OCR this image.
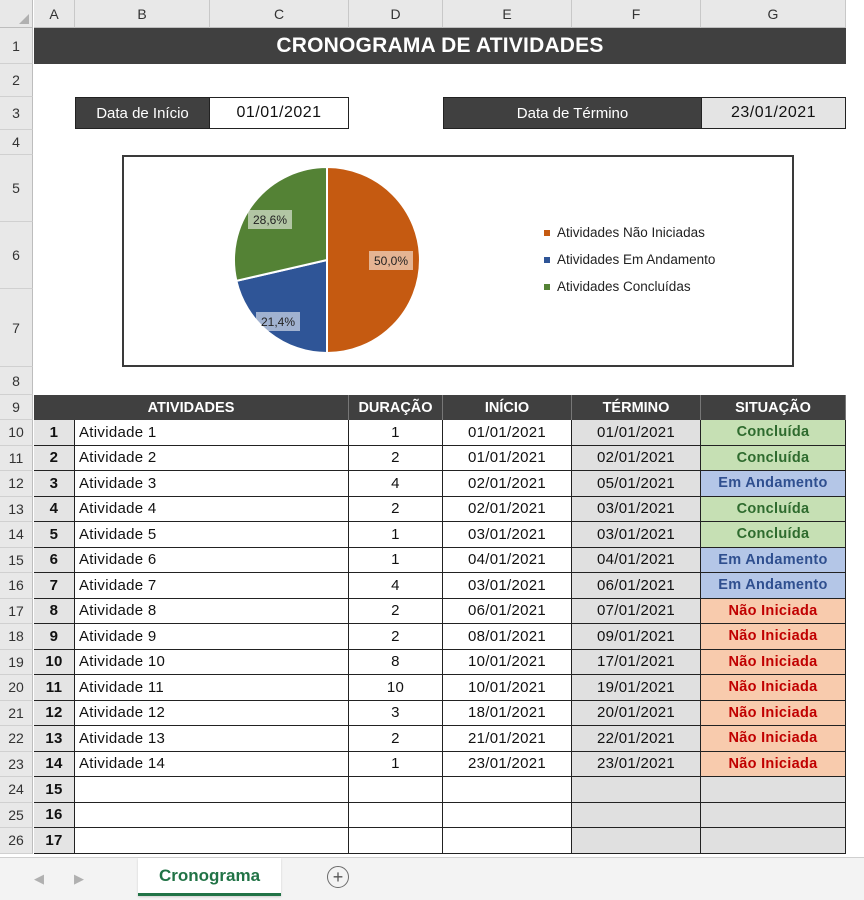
A	B	C	D	E	F	G
1
2
3
4
5
6
7
8
9
10
11
12
13
14
15
16
17
18
19
20
21
22
23
24
25
26
CRONOGRAMA DE ATIVIDADES
Data de Início	01/01/2021	Data de Término	23/01/2021
50,0%
21,4%
28,6%
Atividades Não Iniciadas
Atividades Em Andamento
Atividades Concluídas
ATIVIDADES	DURAÇÃO	INÍCIO	TÉRMINO	SITUAÇÃO
1	Atividade 1	1	01/01/2021	01/01/2021	Concluída
2	Atividade 2	2	01/01/2021	02/01/2021	Concluída
3	Atividade 3	4	02/01/2021	05/01/2021	Em Andamento
4	Atividade 4	2	02/01/2021	03/01/2021	Concluída
5	Atividade 5	1	03/01/2021	03/01/2021	Concluída
6	Atividade 6	1	04/01/2021	04/01/2021	Em Andamento
7	Atividade 7	4	03/01/2021	06/01/2021	Em Andamento
8	Atividade 8	2	06/01/2021	07/01/2021	Não Iniciada
9	Atividade 9	2	08/01/2021	09/01/2021	Não Iniciada
10	Atividade 10	8	10/01/2021	17/01/2021	Não Iniciada
11	Atividade 11	10	10/01/2021	19/01/2021	Não Iniciada
12	Atividade 12	3	18/01/2021	20/01/2021	Não Iniciada
13	Atividade 13	2	21/01/2021	22/01/2021	Não Iniciada
14	Atividade 14	1	23/01/2021	23/01/2021	Não Iniciada
15
16
17
◀ ▶	Cronograma	+
